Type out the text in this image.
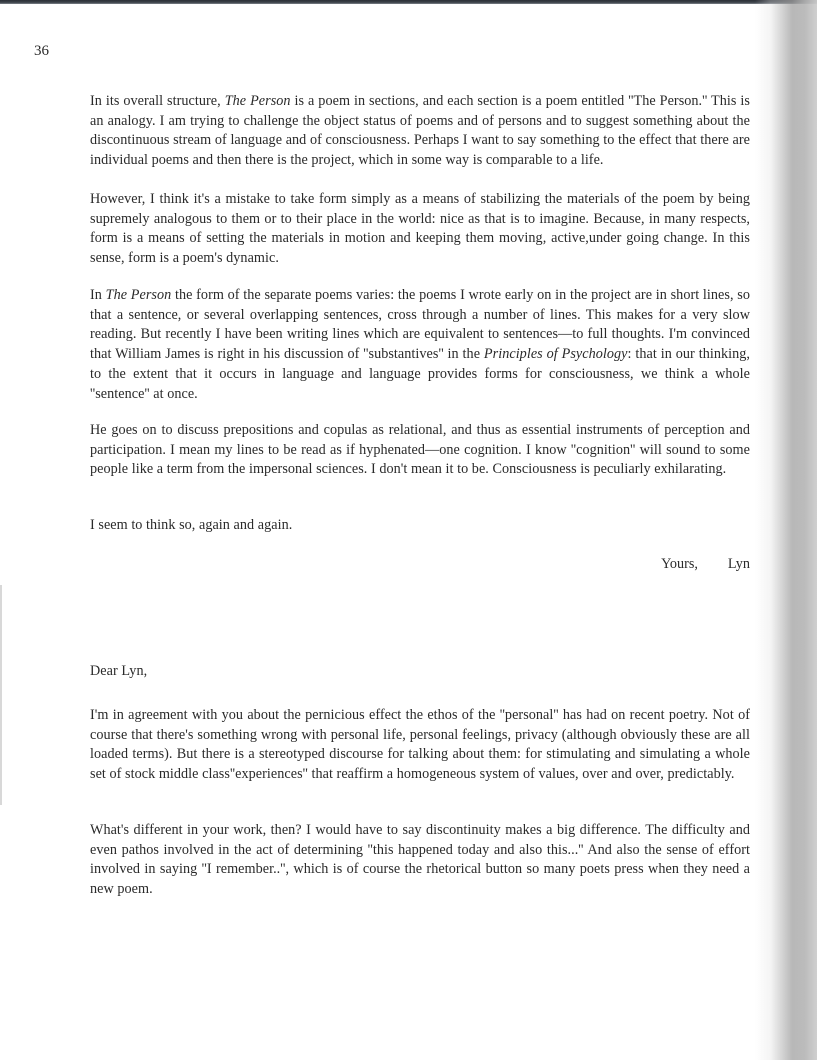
36

In its overall structure, The Person is a poem in sections, and each section is a poem entitled ''The Person.'' This is an analogy. I am trying to challenge the object status of poems and of persons and to suggest something about the discontinuous stream of language and of consciousness. Perhaps I want to say something to the effect that there are individual poems and then there is the project, which in some way is comparable to a life.

However, I think it's a mistake to take form simply as a means of stabilizing the materials of the poem by being supremely analogous to them or to their place in the world: nice as that is to imagine. Because, in many respects, form is a means of setting the materials in motion and keeping them moving, active,under going change. In this sense, form is a poem's dynamic.

In The Person the form of the separate poems varies: the poems I wrote early on in the project are in short lines, so that a sentence, or several overlapping sentences, cross through a number of lines. This makes for a very slow reading. But recently I have been writing lines which are equivalent to sentences—to full thoughts. I'm convinced that William James is right in his discussion of ''substantives'' in the Principles of Psychology: that in our thinking, to the extent that it occurs in language and language provides forms for consciousness, we think a whole ''sentence'' at once.

He goes on to discuss prepositions and copulas as relational, and thus as essential instruments of perception and participation. I mean my lines to be read as if hyphenated—one cognition. I know ''cognition'' will sound to some people like a term from the impersonal sciences. I don't mean it to be. Consciousness is peculiarly exhilarating.

I seem to think so, again and again.

Yours, Lyn

Dear Lyn,

I'm in agreement with you about the pernicious effect the ethos of the ''personal'' has had on recent poetry. Not of course that there's something wrong with personal life, personal feelings, privacy (although obviously these are all loaded terms). But there is a stereotyped discourse for talking about them: for stimulating and simulating a whole set of stock middle class''experiences'' that reaffirm a homogeneous system of values, over and over, predictably.

What's different in your work, then? I would have to say discontinuity makes a big difference. The difficulty and even pathos involved in the act of determining ''this happened today and also this...'' And also the sense of effort involved in saying ''I remember..'', which is of course the rhetorical button so many poets press when they need a new poem.
